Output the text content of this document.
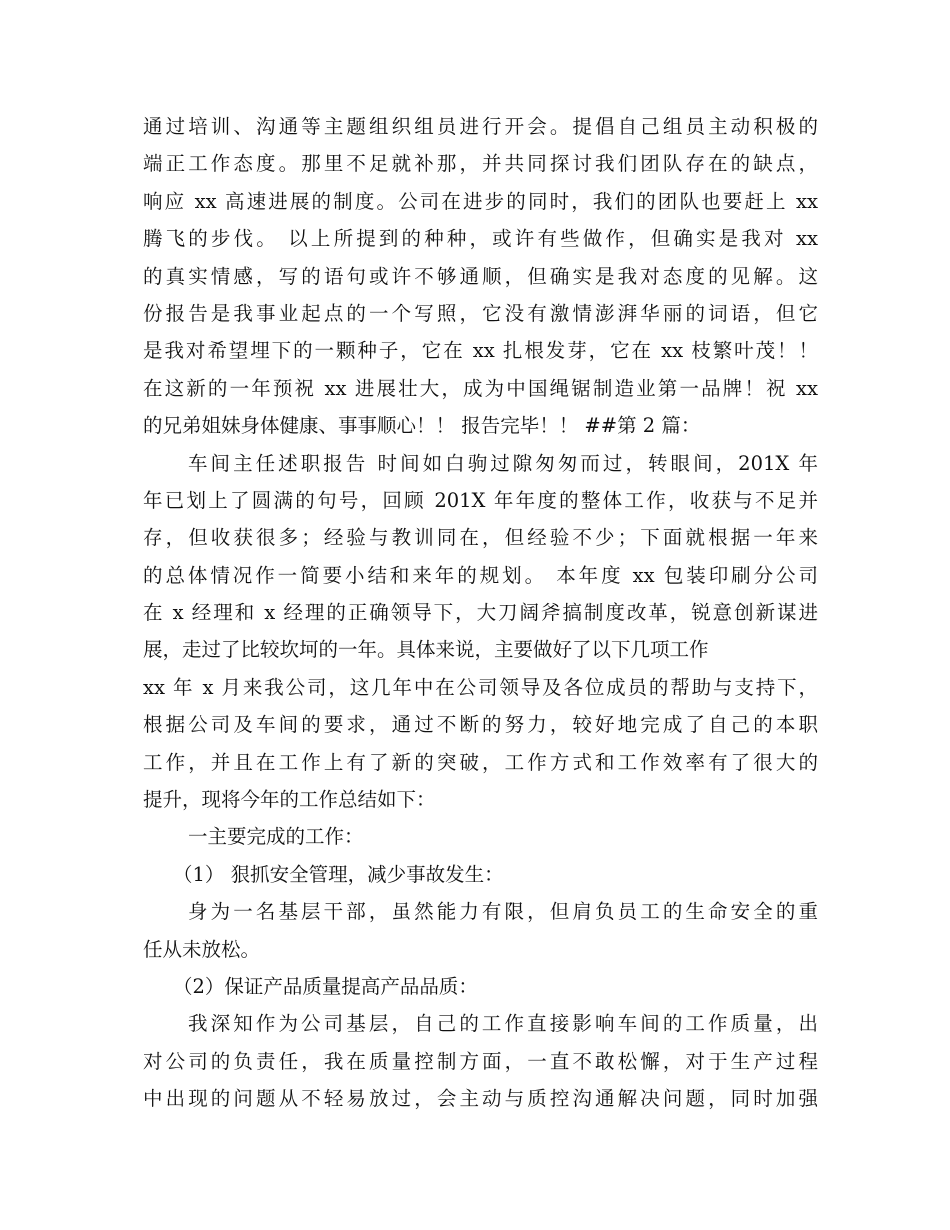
通过培训、沟通等主题组织组员进行开会。提倡自己组员主动积极的
端正工作态度。那里不足就补那，并共同探讨我们团队存在的缺点，
响应 xx 高速进展的制度。公司在进步的同时，我们的团队也要赶上 xx
腾飞的步伐。 以上所提到的种种，或许有些做作，但确实是我对 xx
的真实情感，写的语句或许不够通顺，但确实是我对态度的见解。这
份报告是我事业起点的一个写照，它没有激情澎湃华丽的词语，但它
是我对希望埋下的一颗种子，它在 xx 扎根发芽，它在 xx 枝繁叶茂！！
在这新的一年预祝 xx 进展壮大，成为中国绳锯制造业第一品牌！祝 xx
的兄弟姐妹身体健康、事事顺心！！ 报告完毕！！ ##第 2 篇：
车间主任述职报告 时间如白驹过隙匆匆而过，转眼间，201X 年
年已划上了圆满的句号，回顾 201X 年年度的整体工作，收获与不足并
存，但收获很多；经验与教训同在，但经验不少；下面就根据一年来
的总体情况作一简要小结和来年的规划。 本年度 xx 包装印刷分公司
在 x 经理和 x 经理的正确领导下，大刀阔斧搞制度改革，锐意创新谋进
展，走过了比较坎坷的一年。具体来说，主要做好了以下几项工作
xx 年 x 月来我公司，这几年中在公司领导及各位成员的帮助与支持下，
根据公司及车间的要求，通过不断的努力，较好地完成了自己的本职
工作，并且在工作上有了新的突破，工作方式和工作效率有了很大的
提升，现将今年的工作总结如下：
一主要完成的工作：
（1） 狠抓安全管理，减少事故发生：
身为一名基层干部，虽然能力有限，但肩负员工的生命安全的重
任从未放松。
（2）保证产品质量提高产品品质：
我深知作为公司基层，自己的工作直接影响车间的工作质量，出
对公司的负责任，我在质量控制方面，一直不敢松懈，对于生产过程
中出现的问题从不轻易放过，会主动与质控沟通解决问题，同时加强
